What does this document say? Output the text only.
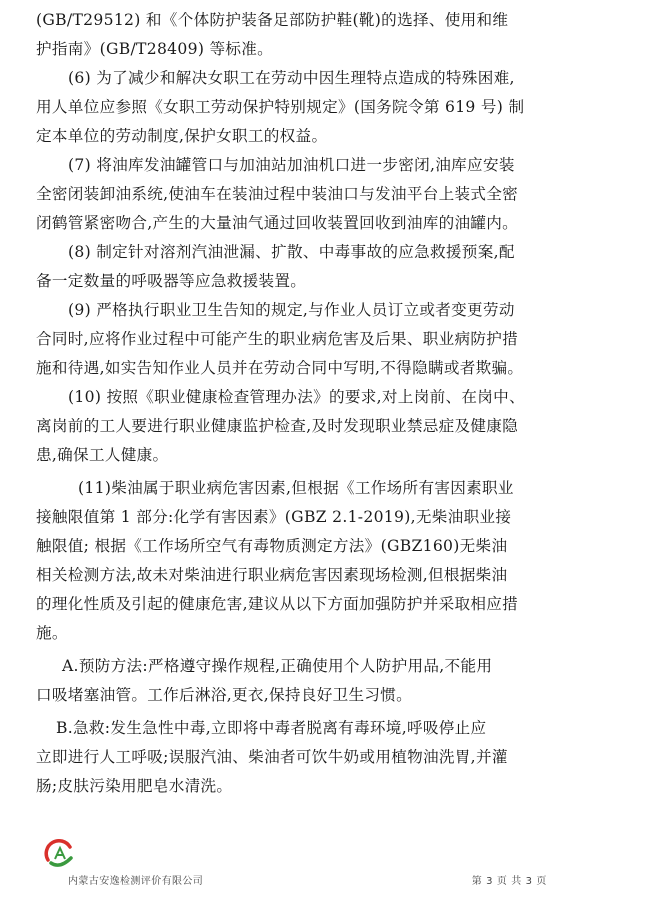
(GB/T29512) 和《个体防护装备足部防护鞋(靴)的选择、使用和维
护指南》(GB/T28409) 等标准。
(6) 为了减少和解决女职工在劳动中因生理特点造成的特殊困难,
用人单位应参照《女职工劳动保护特别规定》(国务院令第 619 号) 制
定本单位的劳动制度,保护女职工的权益。
(7) 将油库发油罐管口与加油站加油机口进一步密闭,油库应安装
全密闭装卸油系统,使油车在装油过程中装油口与发油平台上装式全密
闭鹤管紧密吻合,产生的大量油气通过回收装置回收到油库的油罐内。
(8) 制定针对溶剂汽油泄漏、扩散、中毒事故的应急救援预案,配
备一定数量的呼吸器等应急救援装置。
(9) 严格执行职业卫生告知的规定,与作业人员订立或者变更劳动
合同时,应将作业过程中可能产生的职业病危害及后果、职业病防护措
施和待遇,如实告知作业人员并在劳动合同中写明,不得隐瞒或者欺骗。
(10) 按照《职业健康检查管理办法》的要求,对上岗前、在岗中、
离岗前的工人要进行职业健康监护检查,及时发现职业禁忌症及健康隐
患,确保工人健康。
(11)柴油属于职业病危害因素,但根据《工作场所有害因素职业
接触限值第 1 部分:化学有害因素》(GBZ 2.1-2019),无柴油职业接
触限值; 根据《工作场所空气有毒物质测定方法》(GBZ160)无柴油
相关检测方法,故未对柴油进行职业病危害因素现场检测,但根据柴油
的理化性质及引起的健康危害,建议从以下方面加强防护并采取相应措
施。
A.预防方法:严格遵守操作规程,正确使用个人防护用品,不能用
口吸堵塞油管。工作后淋浴,更衣,保持良好卫生习惯。
B.急救:发生急性中毒,立即将中毒者脱离有毒环境,呼吸停止应
立即进行人工呼吸;误服汽油、柴油者可饮牛奶或用植物油洗胃,并灌
肠;皮肤污染用肥皂水清洗。
内蒙古安逸检测评价有限公司	第 3 页 共 3 页
